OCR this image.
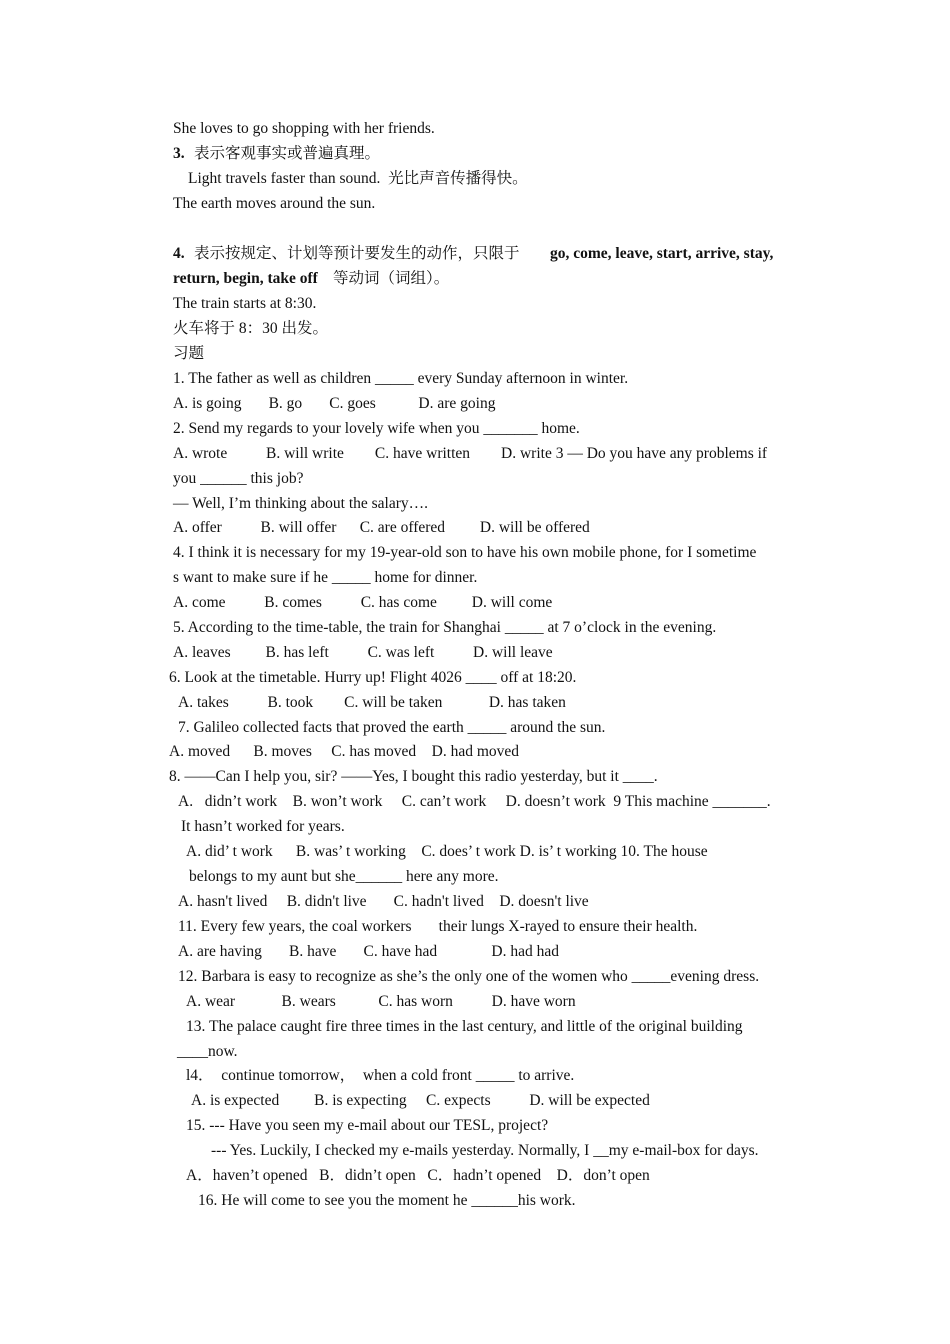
She loves to go shopping with her friends.
3. 表示客观事实或普遍真理。
Light travels faster than sound.  光比声音传播得快。
The earth moves around the sun.
4. 表示按规定、计划等预计要发生的动作，只限于 go, come, leave, start, arrive, stay,
return, begin, take off 等动词（词组）。
The train starts at 8:30.
火车将于 8：30 出发。
习题
1. The father as well as children _____ every Sunday afternoon in winter.
A. is going       B. go       C. goes           D. are going
2. Send my regards to your lovely wife when you _______ home.
A. wrote          B. will write        C. have written        D. write 3 — Do you have any problems if
you ______ this job?
— Well, I’m thinking about the salary….
A. offer          B. will offer      C. are offered         D. will be offered
4. I think it is necessary for my 19-year-old son to have his own mobile phone, for I sometime
s want to make sure if he _____ home for dinner.
A. come          B. comes          C. has come         D. will come
5. According to the time-table, the train for Shanghai _____ at 7 o’clock in the evening.
A. leaves         B. has left          C. was left          D. will leave
6. Look at the timetable. Hurry up! Flight 4026 ____ off at 18:20.
A. takes          B. took        C. will be taken            D. has taken
7. Galileo collected facts that proved the earth _____ around the sun.
A. moved      B. moves     C. has moved    D. had moved
8. ——Can I help you, sir? ——Yes, I bought this radio yesterday, but it ____.
A.   didn’t work    B. won’t work     C. can’t work     D. doesn’t work  9 This machine _______.
It hasn’t worked for years.
A. did’ t work      B. was’ t working    C. does’ t work D. is’ t working 10. The house
belongs to my aunt but she______ here any more.
A. hasn't lived     B. didn't live       C. hadn't lived    D. doesn't live
11. Every few years, the coal workers       their lungs X-rayed to ensure their health.
A. are having       B. have       C. have had              D. had had
12. Barbara is easy to recognize as she’s the only one of the women who _____evening dress.
A. wear            B. wears           C. has worn          D. have worn
13. The palace caught fire three times in the last century, and little of the original building
____now.
l4．  continue tomorrow，  when a cold front _____ to arrive.
A. is expected         B. is expecting     C. expects          D. will be expected
15. --- Have you seen my e-mail about our TESL, project?
--- Yes. Luckily, I checked my e-mails yesterday. Normally, I __my e-mail-box for days.
A．haven’t opened   B．didn’t open   C．hadn’t opened    D．don’t open
16. He will come to see you the moment he ______his work.
